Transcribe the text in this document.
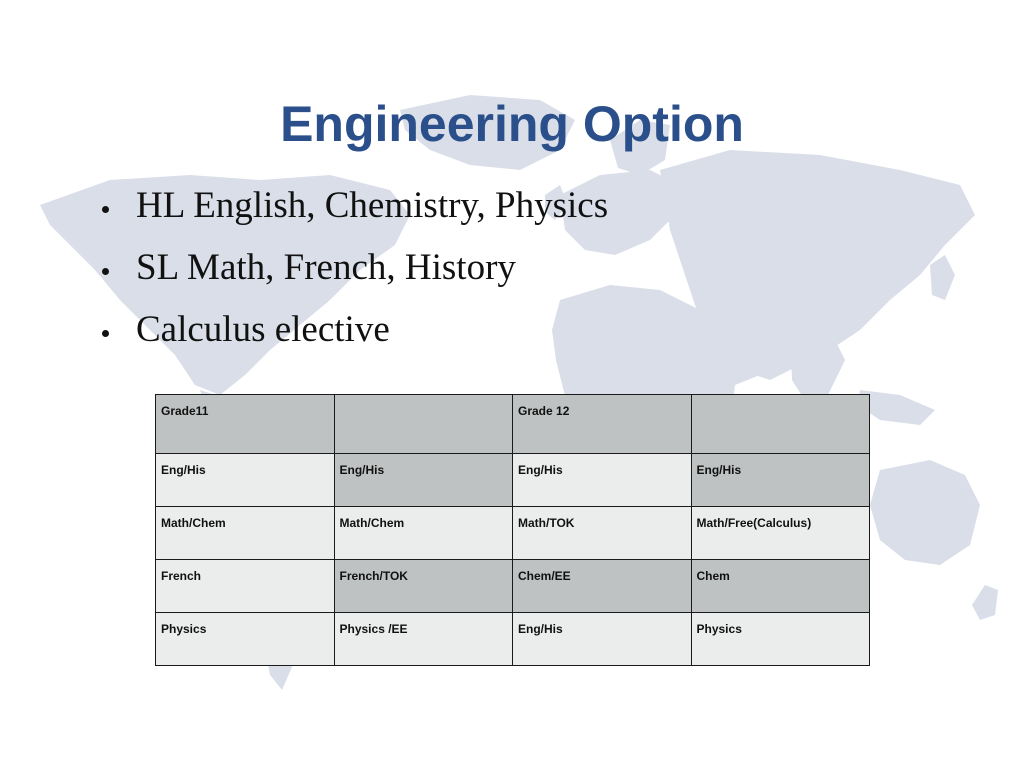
Engineering Option
HL English, Chemistry, Physics
SL Math, French, History
Calculus elective
Grade11		Grade 12	
Eng/His	Eng/His	Eng/His	Eng/His
Math/Chem	Math/Chem	Math/TOK	Math/Free(Calculus)
French	French/TOK	Chem/EE	Chem
Physics	Physics /EE	Eng/His	Physics
